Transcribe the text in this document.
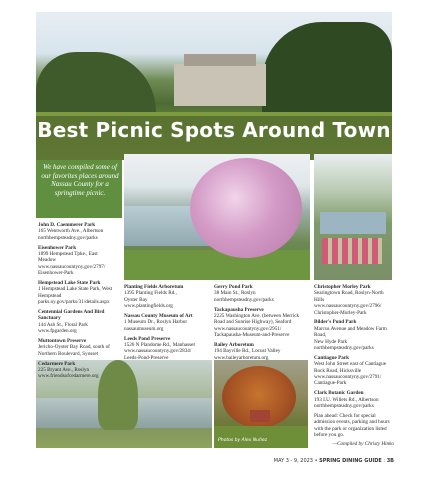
Best Picnic Spots Around Town
We have compiled some of our favorites places around Nassau County for a springtime picnic.
Photos by Alex Nuñez
John D. Caemmerer Park
165 Wentworth Ave., Albertson
northhempsteadny.gov/parks
Eisenhower Park
1899 Hempstead Tpke., East
Meadow
www.nassaucountyny.gov/2797/
Eisenhower-Park
Hempstead Lake State Park
1 Hempstead Lake State Park, West
Hempstead
parks.ny.gov/parks/31/details.aspx
Centennial Gardens And Bird Sanctuary
144 Ash St., Floral Park
www.fpgarden.org
Muttontown Preserve
Jericho-Oyster Bay Road, south of
Northern Boulevard, Syosset
Cedarmere Park
225 Bryant Ave., Roslyn
www.friendsofcedarmere.org
Planting Fields Arboretum
1395 Planting Fields Rd.,
Oyster Bay
www.plantingfields.org
Nassau County Museum of Art
1 Museum Dr., Roslyn Harbor
nassaumuseum.org
Leeds Pond Preserve
1526 N Plandome Rd., Manhasset
www.nassaucountyny.gov/2834/
Leeds-Pond-Preserve
Gerry Pond Park
38 Main St., Roslyn
northhempsteadny.gov/parks
Tackapausha Preserve
2225 Washington Ave. (between Merrick
Road and Sunrise Highway), Seaford
www.nassaucountyny.gov/2951/
Tackapausha-Museum-and-Preserve
Bailey Arboretum
194 Bayville Rd., Locust Valley
www.baileyarboretum.org
Christopher Morley Park
Searingtown Road, Roslyn-North
Hills
www.nassaucountyny.gov/2796/
Christopher-Morley-Park
Bilder's Pond Park
Marcus Avenue and Meadow Farm
Road,
New Hyde Park
northhempsteadny.gov/parks
Cantiague Park
West John Street east of Cantiague
Rock Road, Hicksville
www.nassaucountyny.gov/2791/
Cantiague-Park
Clark Botanic Garden
193 I.U. Willets Rd., Albertson
northhempsteadny.gov/parks
Plan ahead: Check for special admission events, parking and hours with the park or organization listed before you go.
—Compiled by Christy Hinko
MAY 3 - 9, 2023 • SPRING DINING GUIDE : 3B
